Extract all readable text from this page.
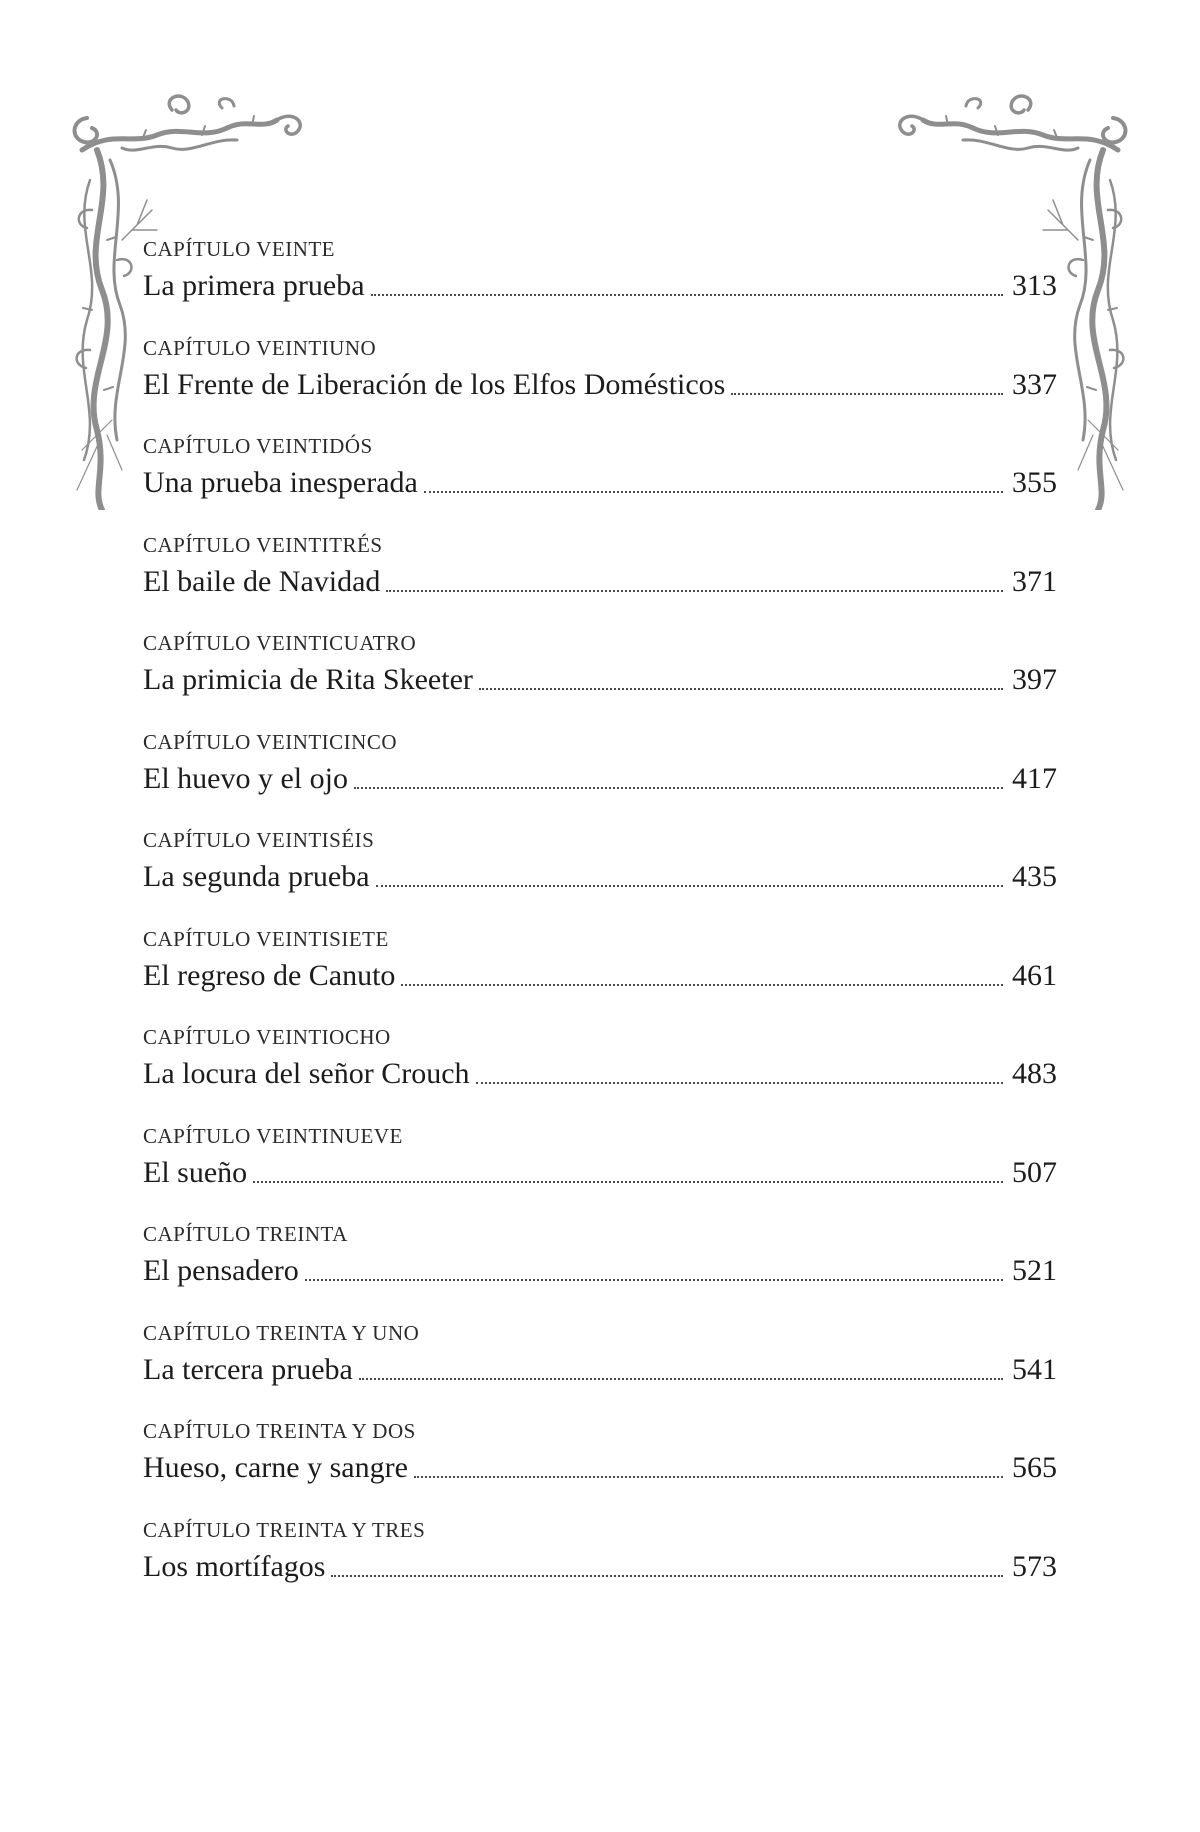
CAPÍTULO VEINTE
La primera prueba	313
CAPÍTULO VEINTIUNO
El Frente de Liberación de los Elfos Domésticos	337
CAPÍTULO VEINTIDÓS
Una prueba inesperada	355
CAPÍTULO VEINTITRÉS
El baile de Navidad	371
CAPÍTULO VEINTICUATRO
La primicia de Rita Skeeter	397
CAPÍTULO VEINTICINCO
El huevo y el ojo	417
CAPÍTULO VEINTISÉIS
La segunda prueba	435
CAPÍTULO VEINTISIETE
El regreso de Canuto	461
CAPÍTULO VEINTIOCHO
La locura del señor Crouch	483
CAPÍTULO VEINTINUEVE
El sueño	507
CAPÍTULO TREINTA
El pensadero	521
CAPÍTULO TREINTA Y UNO
La tercera prueba	541
CAPÍTULO TREINTA Y DOS
Hueso, carne y sangre	565
CAPÍTULO TREINTA Y TRES
Los mortífagos	573
